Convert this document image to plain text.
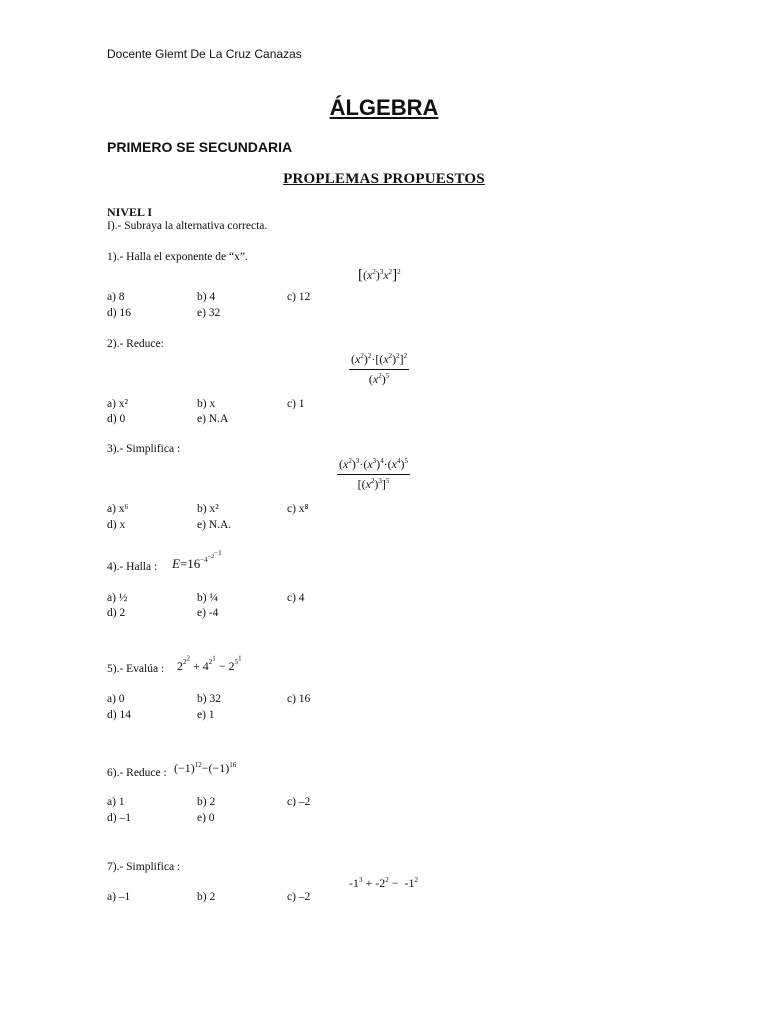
Docente Glemt De La Cruz Canazas
ÁLGEBRA
PRIMERO SE SECUNDARIA
PROPLEMAS PROPUESTOS
NIVEL I
I).- Subraya la alternativa correcta.
1).- Halla el exponente de “x”.
$[(x^2)^3x^2]^2$
a) 8	b) 4	c) 12
d) 16	e) 32
2).- Reduce:
$\frac{(x^2)^2\cdot[(x^2)^2]^2}{(x^2)^5}$
a) x²	b) x	c) 1
d) 0	e) N.A
3).- Simplifica :
$\frac{(x^2)^3\cdot(x^3)^4\cdot(x^4)^5}{[(x^2)^3]^5}$
a) x⁶	b) x²	c) x⁸
d) x	e) N.A.
4).- Halla : $E=16^{-4-2^{-1}}$
a) ½	b) ¼	c) 4
d) 2	e) -4
5).- Evalúa : $2^{2^2} + 4^{2^1} - 2^{5^1}$
a) 0	b) 32	c) 16
d) 14	e) 1
6).- Reduce : $(-1)^{12}-(-1)^{16}$
a) 1	b) 2	c) –2
d) –1	e) 0
7).- Simplifica :
$-1^3 + -2^2 - -1^2$
a) –1	b) 2	c) –2
